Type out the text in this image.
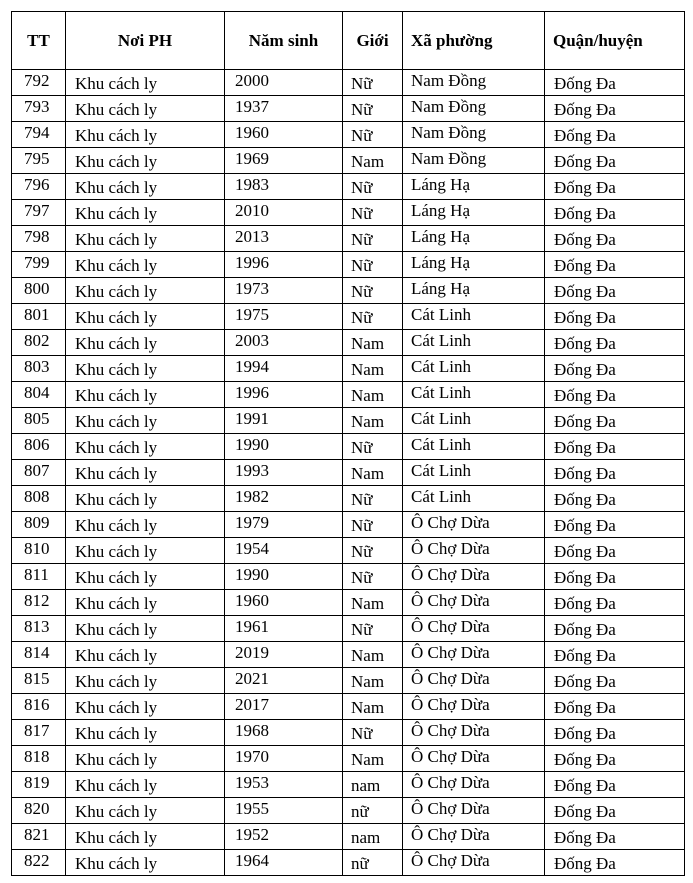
TT	Nơi PH	Năm sinh	Giới	Xã phường	Quận/huyện
792	Khu cách ly	2000	Nữ	Nam Đồng	Đống Đa
793	Khu cách ly	1937	Nữ	Nam Đồng	Đống Đa
794	Khu cách ly	1960	Nữ	Nam Đồng	Đống Đa
795	Khu cách ly	1969	Nam	Nam Đồng	Đống Đa
796	Khu cách ly	1983	Nữ	Láng Hạ	Đống Đa
797	Khu cách ly	2010	Nữ	Láng Hạ	Đống Đa
798	Khu cách ly	2013	Nữ	Láng Hạ	Đống Đa
799	Khu cách ly	1996	Nữ	Láng Hạ	Đống Đa
800	Khu cách ly	1973	Nữ	Láng Hạ	Đống Đa
801	Khu cách ly	1975	Nữ	Cát Linh	Đống Đa
802	Khu cách ly	2003	Nam	Cát Linh	Đống Đa
803	Khu cách ly	1994	Nam	Cát Linh	Đống Đa
804	Khu cách ly	1996	Nam	Cát Linh	Đống Đa
805	Khu cách ly	1991	Nam	Cát Linh	Đống Đa
806	Khu cách ly	1990	Nữ	Cát Linh	Đống Đa
807	Khu cách ly	1993	Nam	Cát Linh	Đống Đa
808	Khu cách ly	1982	Nữ	Cát Linh	Đống Đa
809	Khu cách ly	1979	Nữ	Ô Chợ Dừa	Đống Đa
810	Khu cách ly	1954	Nữ	Ô Chợ Dừa	Đống Đa
811	Khu cách ly	1990	Nữ	Ô Chợ Dừa	Đống Đa
812	Khu cách ly	1960	Nam	Ô Chợ Dừa	Đống Đa
813	Khu cách ly	1961	Nữ	Ô Chợ Dừa	Đống Đa
814	Khu cách ly	2019	Nam	Ô Chợ Dừa	Đống Đa
815	Khu cách ly	2021	Nam	Ô Chợ Dừa	Đống Đa
816	Khu cách ly	2017	Nam	Ô Chợ Dừa	Đống Đa
817	Khu cách ly	1968	Nữ	Ô Chợ Dừa	Đống Đa
818	Khu cách ly	1970	Nam	Ô Chợ Dừa	Đống Đa
819	Khu cách ly	1953	nam	Ô Chợ Dừa	Đống Đa
820	Khu cách ly	1955	nữ	Ô Chợ Dừa	Đống Đa
821	Khu cách ly	1952	nam	Ô Chợ Dừa	Đống Đa
822	Khu cách ly	1964	nữ	Ô Chợ Dừa	Đống Đa
